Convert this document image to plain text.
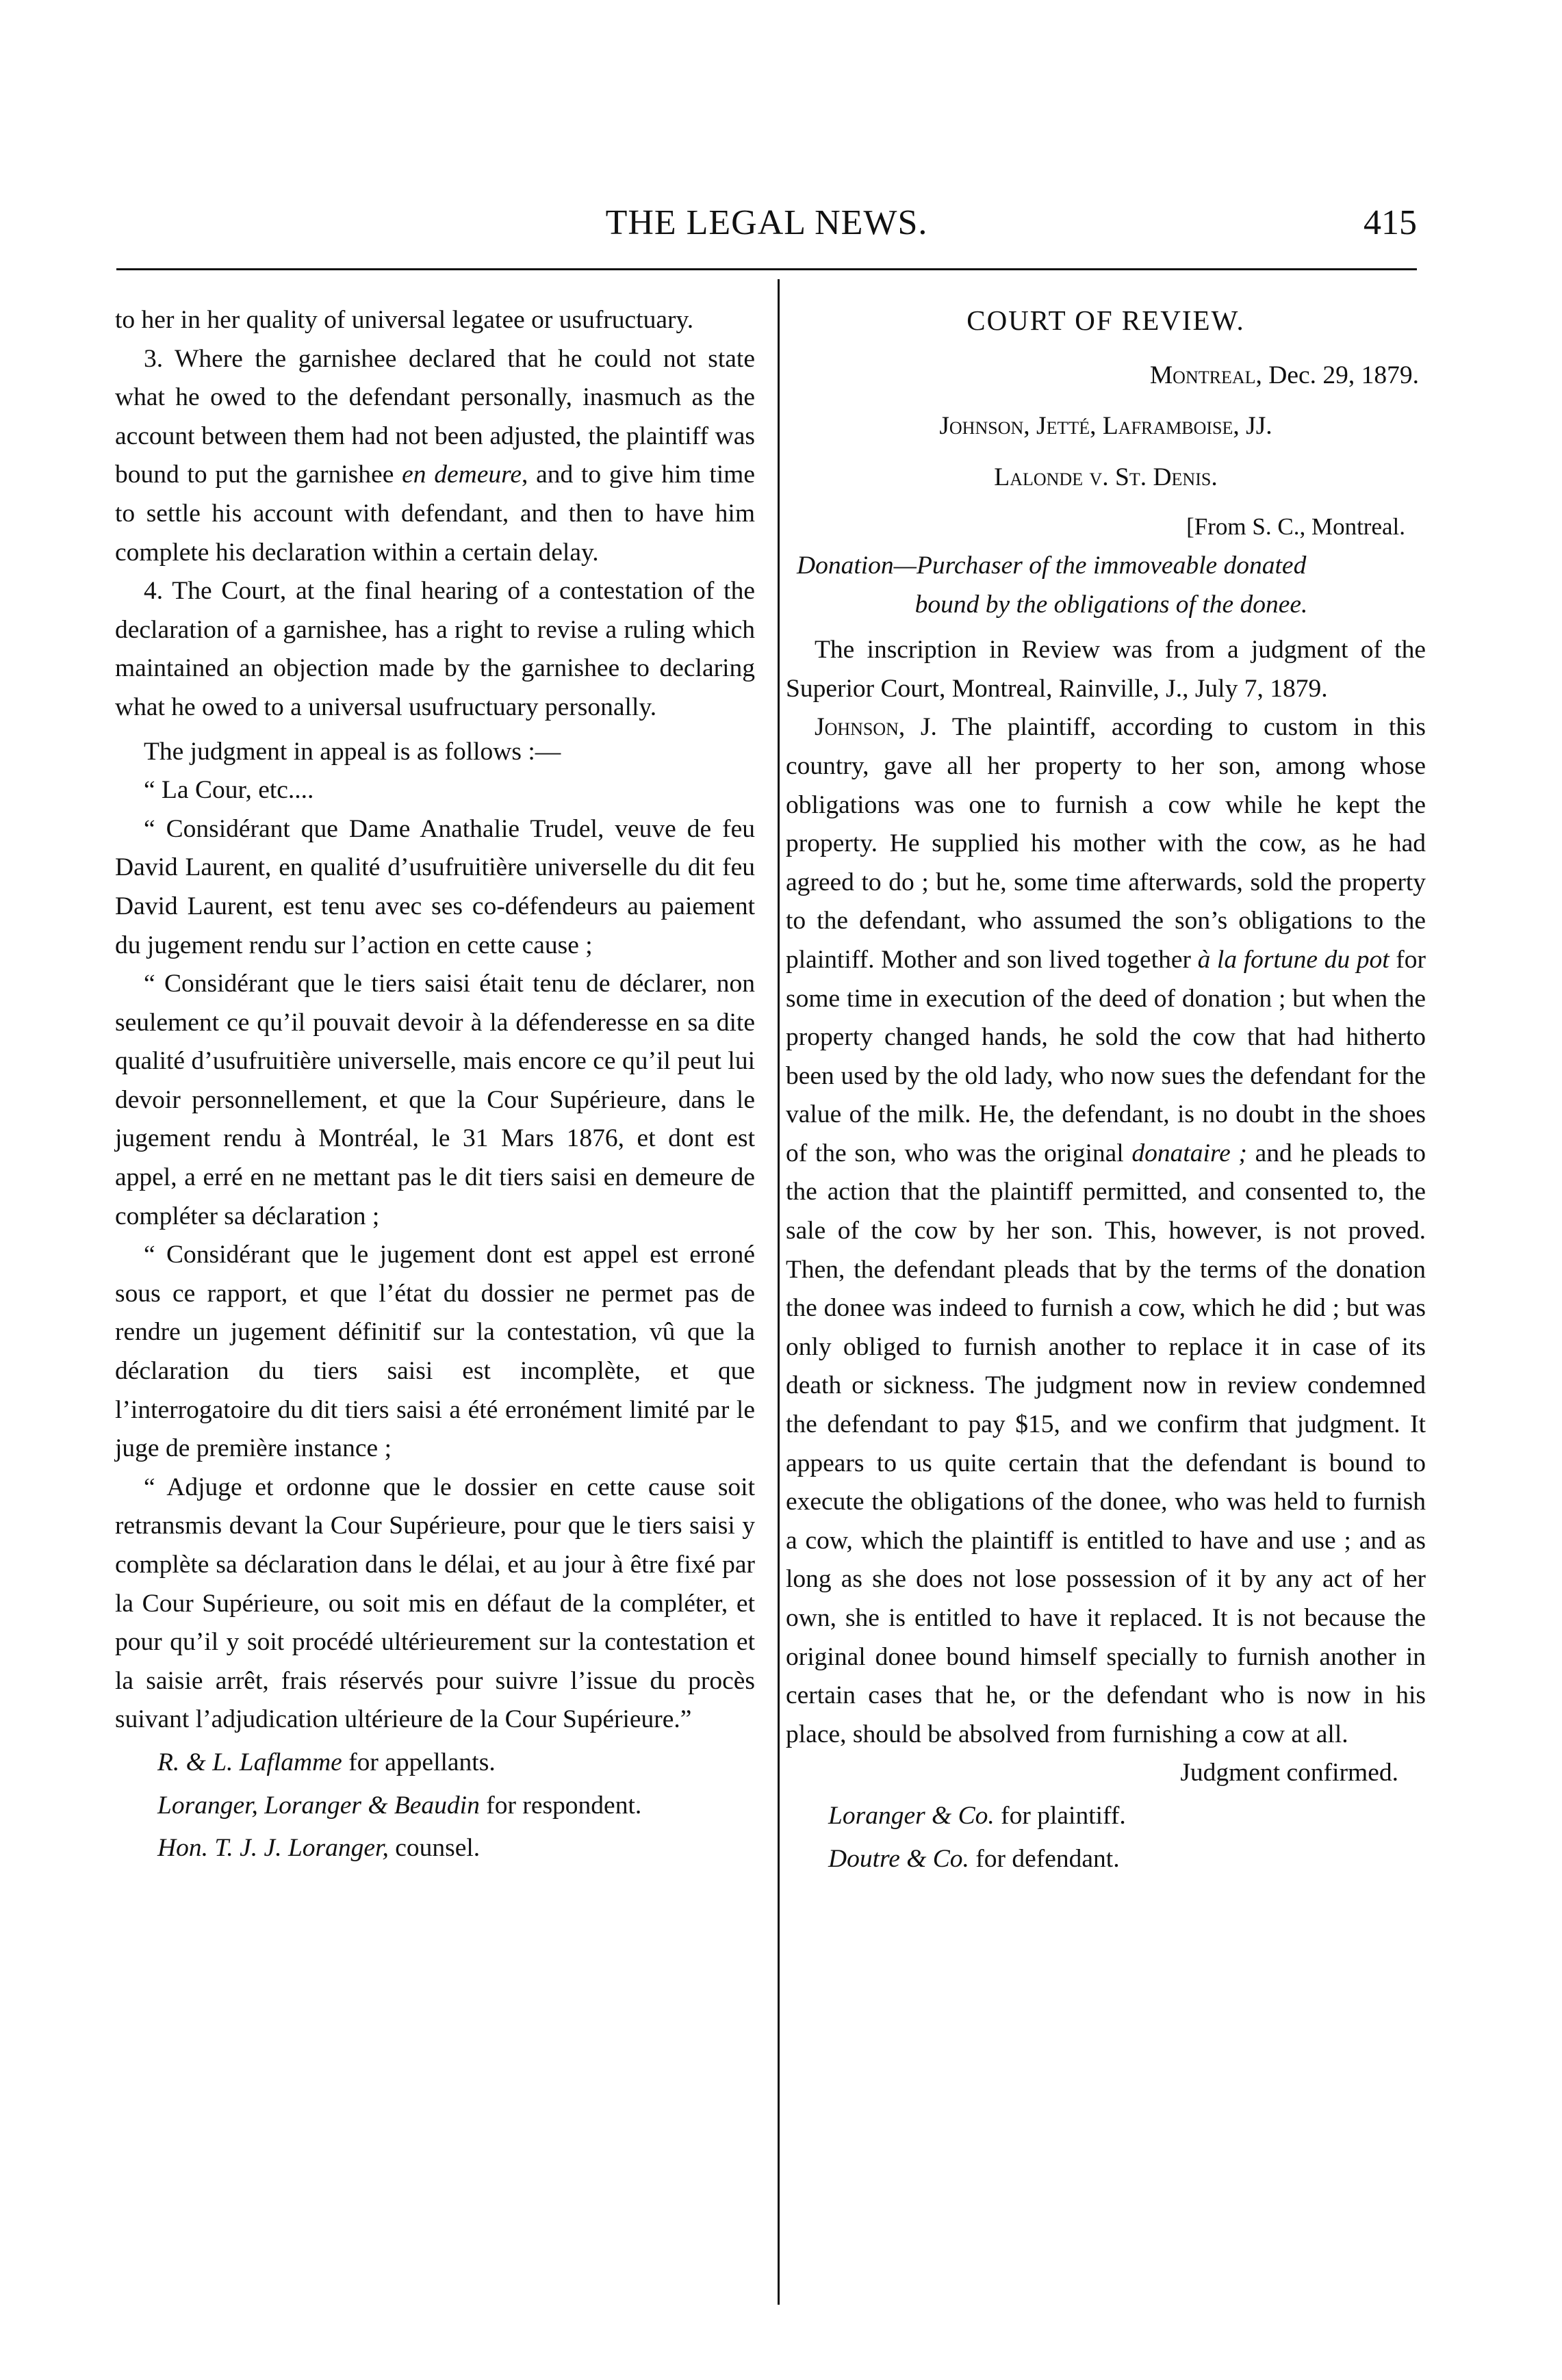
THE LEGAL NEWS.	415

to her in her quality of universal legatee or usufructuary.

3. Where the garnishee declared that he could not state what he owed to the defendant personally, inasmuch as the account between them had not been adjusted, the plaintiff was bound to put the garnishee en demeure, and to give him time to settle his account with defendant, and then to have him complete his declaration within a certain delay.

4. The Court, at the final hearing of a contestation of the declaration of a garnishee, has a right to revise a ruling which maintained an objection made by the garnishee to declaring what he owed to a universal usufructuary personally.

The judgment in appeal is as follows :—

“ La Cour, etc....

“ Considérant que Dame Anathalie Trudel, veuve de feu David Laurent, en qualité d’usufruitière universelle du dit feu David Laurent, est tenu avec ses co-défendeurs au paiement du jugement rendu sur l’action en cette cause ;

“ Considérant que le tiers saisi était tenu de déclarer, non seulement ce qu’il pouvait devoir à la défenderesse en sa dite qualité d’usufruitière universelle, mais encore ce qu’il peut lui devoir personnellement, et que la Cour Supérieure, dans le jugement rendu à Montréal, le 31 Mars 1876, et dont est appel, a erré en ne mettant pas le dit tiers saisi en demeure de compléter sa déclaration ;

“ Considérant que le jugement dont est appel est erroné sous ce rapport, et que l’état du dossier ne permet pas de rendre un jugement définitif sur la contestation, vû que la déclaration du tiers saisi est incomplète, et que l’interrogatoire du dit tiers saisi a été erronément limité par le juge de première instance ;

“ Adjuge et ordonne que le dossier en cette cause soit retransmis devant la Cour Supérieure, pour que le tiers saisi y complète sa déclaration dans le délai, et au jour à être fixé par la Cour Supérieure, ou soit mis en défaut de la compléter, et pour qu’il y soit procédé ultérieurement sur la contestation et la saisie arrêt, frais réservés pour suivre l’issue du procès suivant l’adjudication ultérieure de la Cour Supérieure.”

R. & L. Laflamme for appellants.

Loranger, Loranger & Beaudin for respondent.

Hon. T. J. J. Loranger, counsel.

COURT OF REVIEW.

Montreal, Dec. 29, 1879.

Johnson, Jetté, Laframboise, JJ.

Lalonde v. St. Denis.

[From S. C., Montreal.

Donation—Purchaser of the immoveable donated
bound by the obligations of the donee.

The inscription in Review was from a judgment of the Superior Court, Montreal, Rainville, J., July 7, 1879.

Johnson, J. The plaintiff, according to custom in this country, gave all her property to her son, among whose obligations was one to furnish a cow while he kept the property. He supplied his mother with the cow, as he had agreed to do ; but he, some time afterwards, sold the property to the defendant, who assumed the son’s obligations to the plaintiff. Mother and son lived together à la fortune du pot for some time in execution of the deed of donation ; but when the property changed hands, he sold the cow that had hitherto been used by the old lady, who now sues the defendant for the value of the milk. He, the defendant, is no doubt in the shoes of the son, who was the original donataire ; and he pleads to the action that the plaintiff permitted, and consented to, the sale of the cow by her son. This, however, is not proved. Then, the defendant pleads that by the terms of the donation the donee was indeed to furnish a cow, which he did ; but was only obliged to furnish another to replace it in case of its death or sickness. The judgment now in review condemned the defendant to pay $15, and we confirm that judgment. It appears to us quite certain that the defendant is bound to execute the obligations of the donee, who was held to furnish a cow, which the plaintiff is entitled to have and use ; and as long as she does not lose possession of it by any act of her own, she is entitled to have it replaced. It is not because the original donee bound himself specially to furnish another in certain cases that he, or the defendant who is now in his place, should be absolved from furnishing a cow at all.

Judgment confirmed.

Loranger & Co. for plaintiff.

Doutre & Co. for defendant.
